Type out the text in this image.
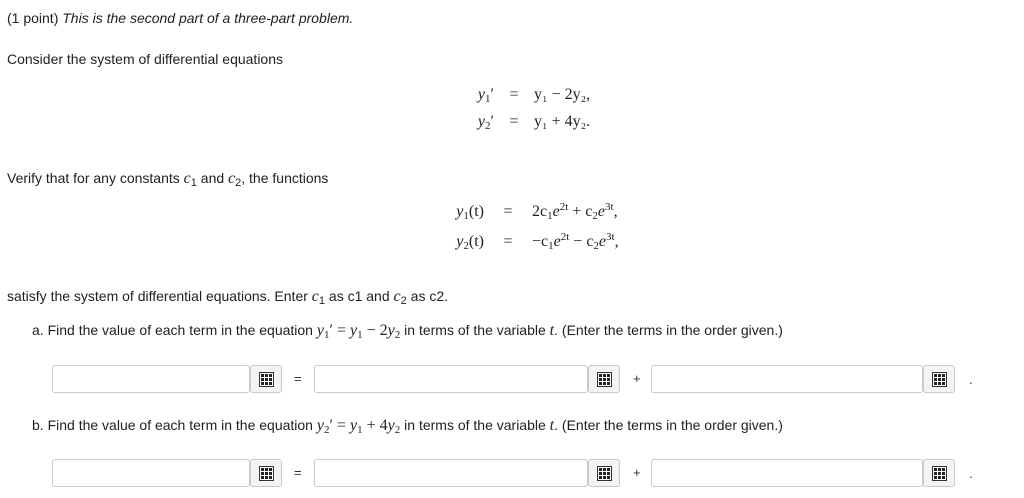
(1 point) This is the second part of a three-part problem.
Consider the system of differential equations
$y_1' = y_1 - 2y_2$,
$y_2' = y_1 + 4y_2$.
Verify that for any constants $c_1$ and $c_2$, the functions
$y_1(t)$	=	$2c_1e^{2t} + c_2e^{3t}$,
$y_2(t)$	=	$-c_1e^{2t} - c_2e^{3t}$,
satisfy the system of differential equations. Enter $c_1$ as c1 and $c_2$ as c2.
a. Find the value of each term in the equation $y_1' = y_1 - 2y_2$ in terms of the variable t. (Enter the terms in the order given.)
=	+	.
b. Find the value of each term in the equation $y_2' = y_1 + 4y_2$ in terms of the variable t. (Enter the terms in the order given.)
=	+	.
